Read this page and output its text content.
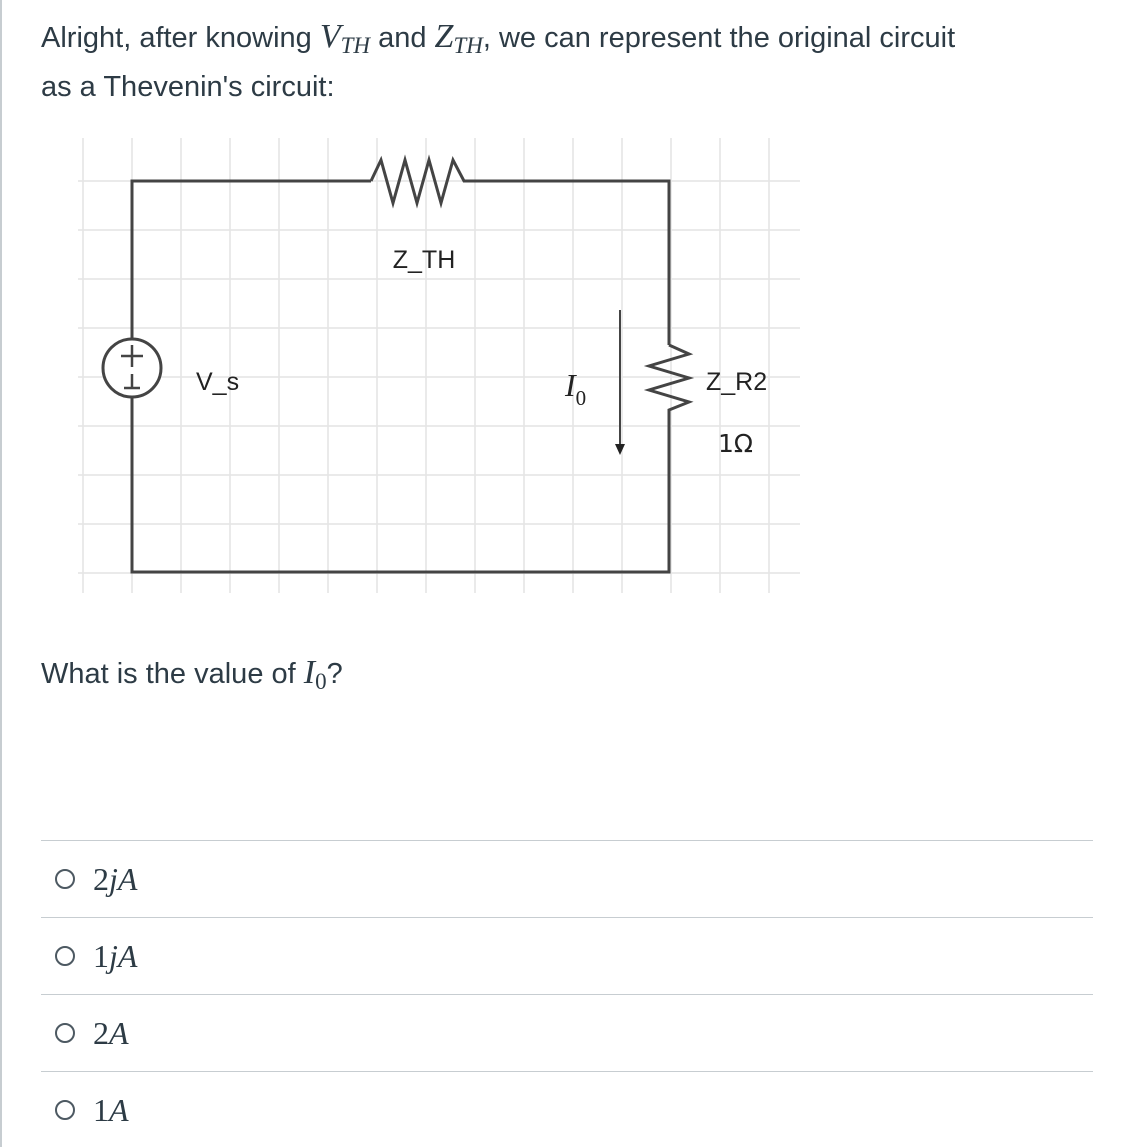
Alright, after knowing $V_{TH}$ and $Z_{TH}$, we can represent the original circuit
as a Thevenin's circuit:
Z_TH
V_s	$I_0$
Z_R2
1Ω
What is the value of $I_0$?
2jA
1jA
2A
1A
